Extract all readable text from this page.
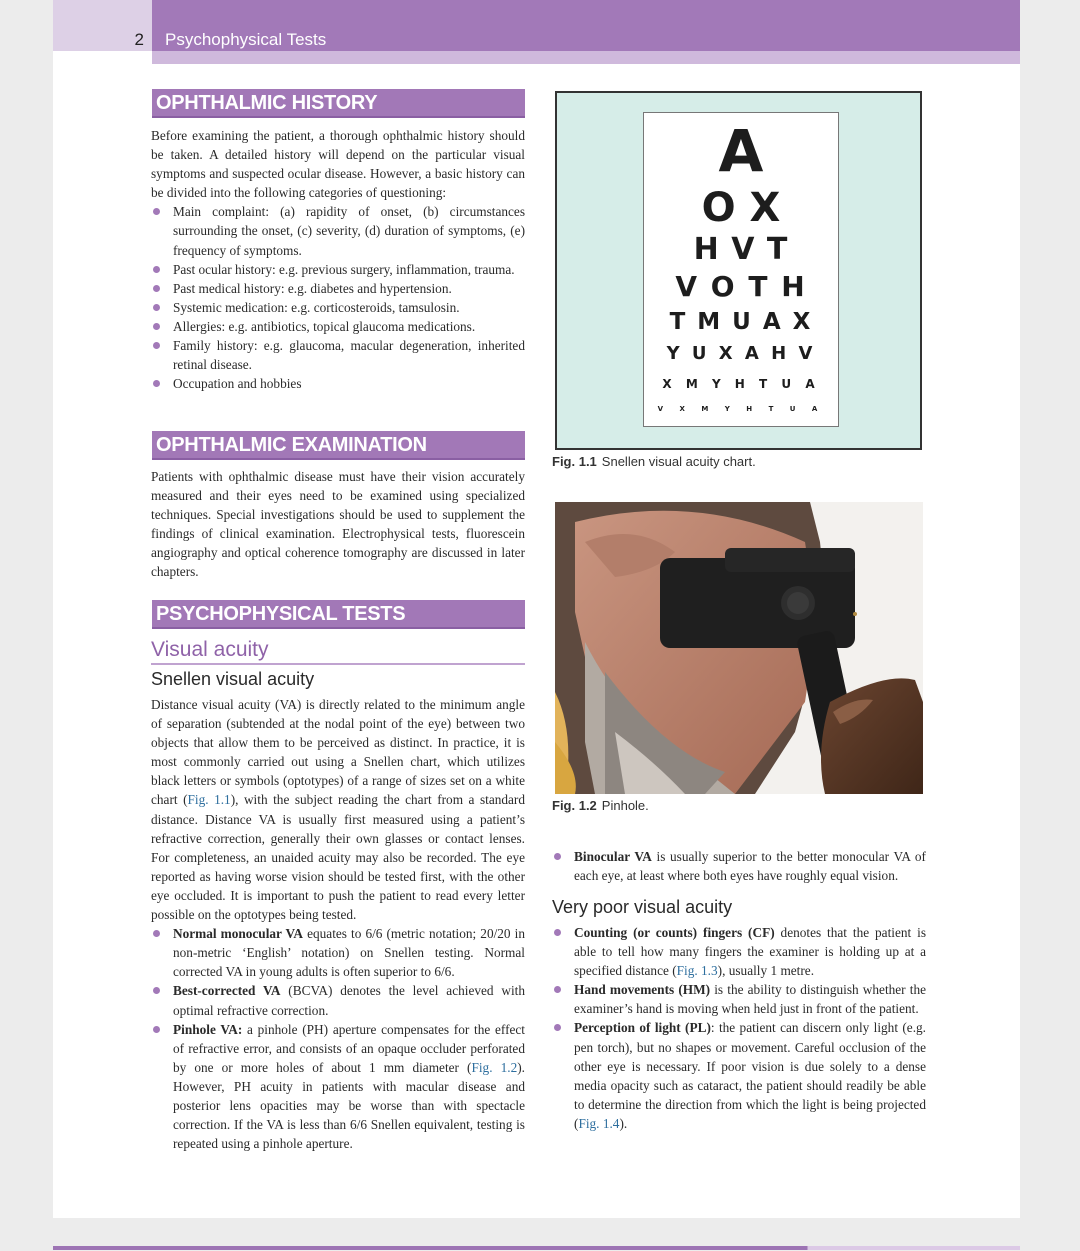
2 Psychophysical Tests
OPHTHALMIC HISTORY

Before examining the patient, a thorough ophthalmic history should be taken. A detailed history will depend on the particular visual symptoms and suspected ocular disease. However, a basic history can be divided into the following categories of questioning:

Main complaint: (a) rapidity of onset, (b) circumstances surrounding the onset, (c) severity, (d) duration of symptoms, (e) frequency of symptoms.
Past ocular history: e.g. previous surgery, inflammation, trauma.
Past medical history: e.g. diabetes and hypertension.
Systemic medication: e.g. corticosteroids, tamsulosin.
Allergies: e.g. antibiotics, topical glaucoma medications.
Family history: e.g. glaucoma, macular degeneration, inherited retinal disease.
Occupation and hobbies
OPHTHALMIC EXAMINATION

Patients with ophthalmic disease must have their vision accurately measured and their eyes need to be examined using specialized techniques. Special investigations should be used to supplement the findings of clinical examination. Electrophysical tests, fluorescein angiography and optical coherence tomography are discussed in later chapters.

PSYCHOPHYSICAL TESTS
Visual acuity
Snellen visual acuity

Distance visual acuity (VA) is directly related to the minimum angle of separation (subtended at the nodal point of the eye) between two objects that allow them to be perceived as distinct. In practice, it is most commonly carried out using a Snellen chart, which utilizes black letters or symbols (optotypes) of a range of sizes set on a white chart (Fig. 1.1), with the subject reading the chart from a standard distance. Distance VA is usually first measured using a patient’s refractive correction, generally their own glasses or contact lenses. For completeness, an unaided acuity may also be recorded. The eye reported as having worse vision should be tested first, with the other eye occluded. It is important to push the patient to read every letter possible on the optotypes being tested.

Normal monocular VA equates to 6/6 (metric notation; 20/20 in non-metric ‘English’ notation) on Snellen testing. Normal corrected VA in young adults is often superior to 6/6.
Best-corrected VA (BCVA) denotes the level achieved with optimal refractive correction.
Pinhole VA: a pinhole (PH) aperture compensates for the effect of refractive error, and consists of an opaque occluder perforated by one or more holes of about 1 mm diameter (Fig. 1.2). However, PH acuity in patients with macular disease and posterior lens opacities may be worse than with spectacle correction. If the VA is less than 6/6 Snellen equivalent, testing is repeated using a pinhole aperture.
A
O X
H V T
V O T H
T M U A X
Y U X A H V
X M Y H T U A
V X M Y H T U A
Fig. 1.1 Snellen visual acuity chart.
Fig. 1.2 Pinhole.
Binocular VA is usually superior to the better monocular VA of each eye, at least where both eyes have roughly equal vision.
Very poor visual acuity
Counting (or counts) fingers (CF) denotes that the patient is able to tell how many fingers the examiner is holding up at a specified distance (Fig. 1.3), usually 1 metre.
Hand movements (HM) is the ability to distinguish whether the examiner’s hand is moving when held just in front of the patient.
Perception of light (PL): the patient can discern only light (e.g. pen torch), but no shapes or movement. Careful occlusion of the other eye is necessary. If poor vision is due solely to a dense media opacity such as cataract, the patient should readily be able to determine the direction from which the light is being projected (Fig. 1.4).
